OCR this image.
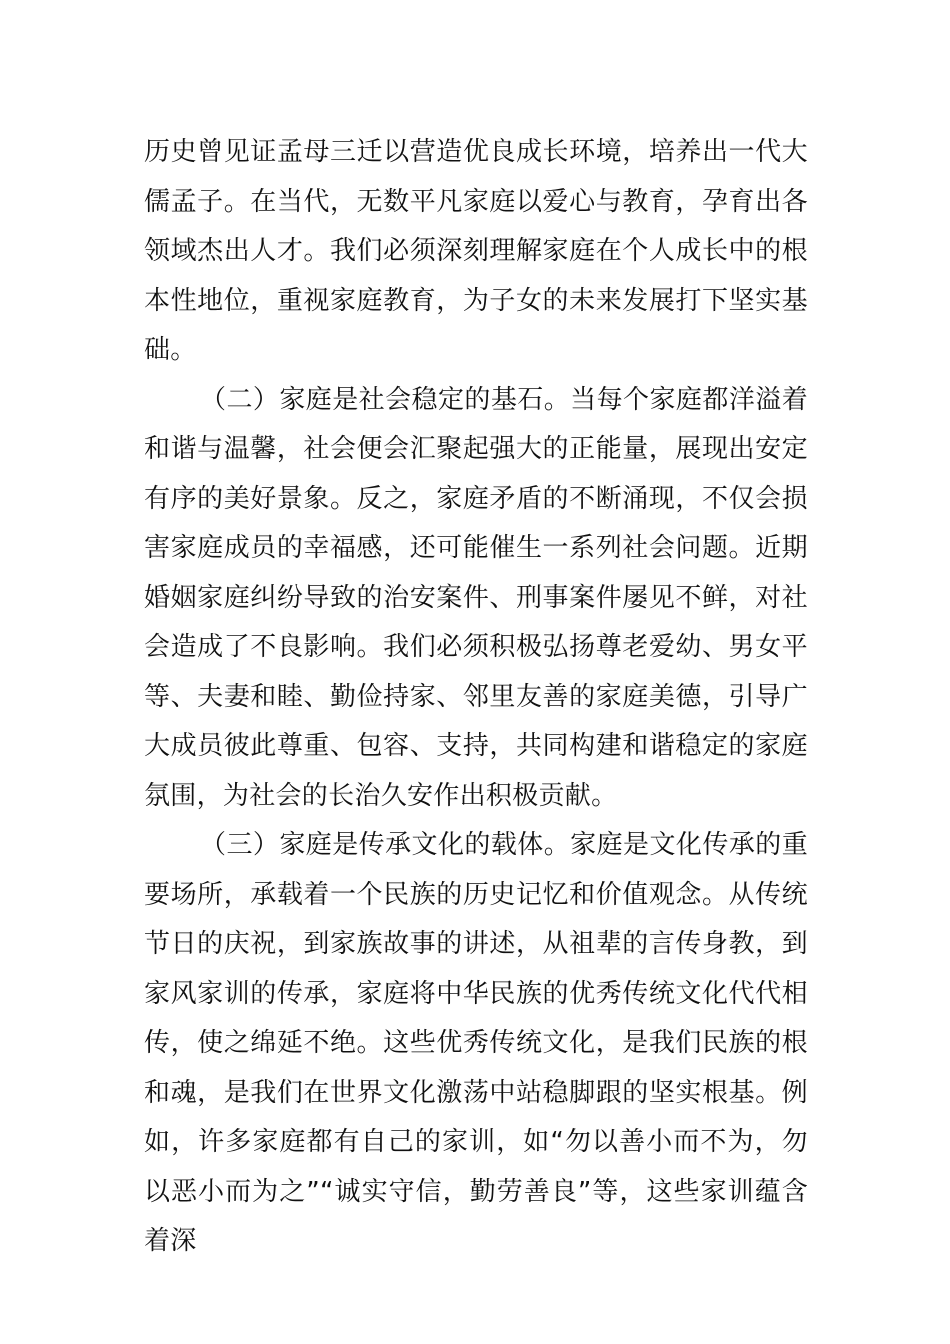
历史曾见证孟母三迁以营造优良成长环境，培养出一代大儒孟子。在当代，无数平凡家庭以爱心与教育，孕育出各领域杰出人才。我们必须深刻理解家庭在个人成长中的根本性地位，重视家庭教育，为子女的未来发展打下坚实基础。

（二）家庭是社会稳定的基石。当每个家庭都洋溢着和谐与温馨，社会便会汇聚起强大的正能量，展现出安定有序的美好景象。反之，家庭矛盾的不断涌现，不仅会损害家庭成员的幸福感，还可能催生一系列社会问题。近期婚姻家庭纠纷导致的治安案件、刑事案件屡见不鲜，对社会造成了不良影响。我们必须积极弘扬尊老爱幼、男女平等、夫妻和睦、勤俭持家、邻里友善的家庭美德，引导广大成员彼此尊重、包容、支持，共同构建和谐稳定的家庭氛围，为社会的长治久安作出积极贡献。

（三）家庭是传承文化的载体。家庭是文化传承的重要场所，承载着一个民族的历史记忆和价值观念。从传统节日的庆祝，到家族故事的讲述，从祖辈的言传身教，到家风家训的传承，家庭将中华民族的优秀传统文化代代相传，使之绵延不绝。这些优秀传统文化，是我们民族的根和魂，是我们在世界文化激荡中站稳脚跟的坚实根基。例如，许多家庭都有自己的家训，如“勿以善小而不为，勿以恶小而为之”“诚实守信，勤劳善良”等，这些家训蕴含着深
